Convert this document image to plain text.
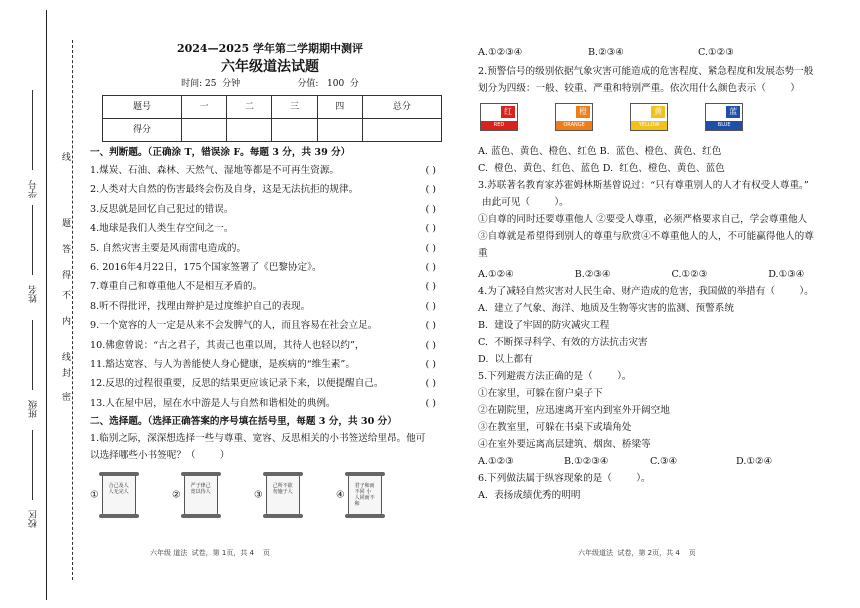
学号
姓名
班级
校区
线
题
答
得
不
内
线
封
密
2024—2025 学年第二学期期中测评
六年级道法试题
时间: 25  分钟                    分值:   100  分
题号	一	二	三	四	总分
得分					
一、判断题。（正确涂 T，错误涂 F。每题 3 分，共 39 分）
1.煤炭、石油、森林、天然气、湿地等都是不可再生资源。	( )
2.人类对大自然的伤害最终会伤及自身，这是无法抗拒的规律。	( )
3.反思就是回忆自己犯过的错误。	( )
4.地球是我们人类生存空间之一。	( )
5. 自然灾害主要是风雨雷电造成的。	( )
6. 2016年4月22日，175个国家签署了《巴黎协定》。	( )
7.尊重自己和尊重他人不是相互矛盾的。	( )
8.听不得批评，找理由辩护是过度维护自己的表现。	( )
9.一个宽容的人一定是从来不会发脾气的人，而且容易在社会立足。	( )
10.佛愈曾说：“古之君子，其责己也重以周，其待人也轻以约”，	( )
11.豁达宽容、与人为善能使人身心健康，是疾病的“维生素”。	( )
12.反思的过程很重要，反思的结果更应该记录下来，以便提醒自己。	( )
13.人在屋中居，屋在水中游是人与自然和谐相处的典例。	( )
二、选择题。（选择正确答案的序号填在括号里，每题 3 分，共 30 分）
1.临别之际，深深想选择一些与尊重、宽容、反思相关的小书签送给里昂。他可
以选择哪些小书签呢？（        ）
①
合己及人 人无完人	②
严于律己 宽以待人	③
己所不欲 勿施于人	④
君子和而不同 小人同而不和
六年级 道法  试卷，第 1页，共 4    页
A.①②③④	B.②③④	C.①②③
2.预警信号的级别依据气象灾害可能造成的危害程度、紧急程度和发展态势一般
划分为四级：一般、较重、严重和特别严重。依次用什么颜色表示（        ）
红
RED

橙
ORANGE

黄
YELLOW

蓝
BLUE
A. 蓝色、黄色、橙色、红色 B.  蓝色、橙色、黄色、红色
C.  橙色、黄色、红色、蓝色 D.  红色、橙色、黄色、蓝色
3.苏联著名教育家苏霍姆林斯基曾说过：“只有尊重别人的人才有权受人尊重。”
由此可见（        ）。
①自尊的同时还要尊重他人 ②要受人尊重，必须严格要求自己，学会尊重他人
③自尊就是希望得到别人的尊重与欣赏④不尊重他人的人，不可能赢得他人的尊
重
A.①②④	B.②③④	C.①②③	D.①③④
4.为了减轻自然灾害对人民生命、财产造成的危害，我国做的举措有（        ）。
A.  建立了气象、海洋、地质及生物等灾害的监测、预警系统
B.  建设了牢固的防灾减灾工程
C.  不断探寻科学、有效的方法抗击灾害
D.  以上都有
5.下列避震方法正确的是（        ）。
①在家里，可躲在窗户桌子下
②在剧院里，应迅速离开室内到室外开阔空地
③在教室里，可躲在书桌下或墙角处
④在室外要远离高层建筑、烟囱、桥梁等
A.①②③	B.①②③④	C.③④	D.①②④
6.下列做法属于纵容现象的是（        ）。
A.  表扬成绩优秀的明明
六年级道法  试卷，第 2页，共 4    页
